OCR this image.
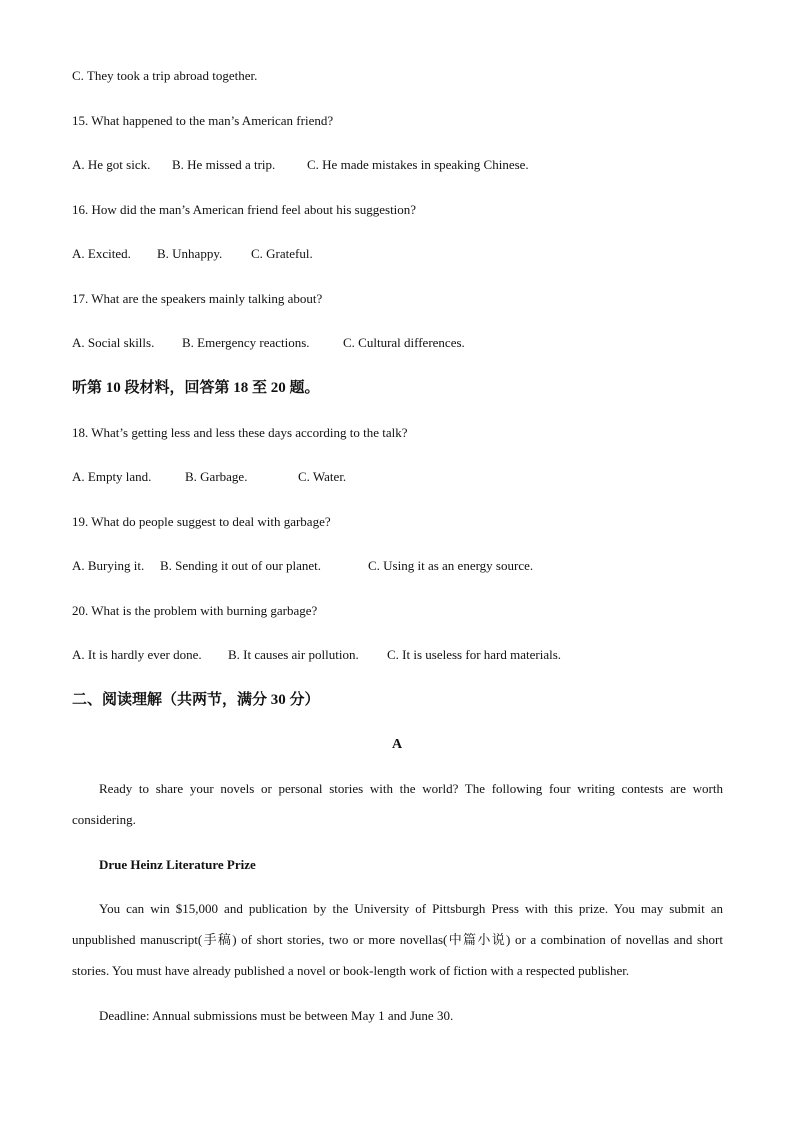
C. They took a trip abroad together.
15. What happened to the man’s American friend?
A. He got sick. B. He missed a trip. C. He made mistakes in speaking Chinese.
16. How did the man’s American friend feel about his suggestion?
A. Excited. B. Unhappy. C. Grateful.
17. What are the speakers mainly talking about?
A. Social skills. B. Emergency reactions.	C. Cultural differences.
听第 10 段材料，回答第 18 至 20 题。
18. What’s getting less and less these days according to the talk?
A. Empty land.	B. Garbage.	C. Water.
19. What do people suggest to deal with garbage?
A. Burying it. B. Sending it out of our planet.	C. Using it as an energy source.
20. What is the problem with burning garbage?
A. It is hardly ever done. B. It causes air pollution. C. It is useless for hard materials.
二、阅读理解（共两节，满分 30 分）
A
Ready to share your novels or personal stories with the world? The following four writing contests are worth considering.
Drue Heinz Literature Prize
You can win $15,000 and publication by the University of Pittsburgh Press with this prize. You may submit an unpublished manuscript(手稿) of short stories, two or more novellas(中篇小说) or a combination of novellas and short stories. You must have already published a novel or book-length work of fiction with a respected publisher.
Deadline: Annual submissions must be between May 1 and June 30.
